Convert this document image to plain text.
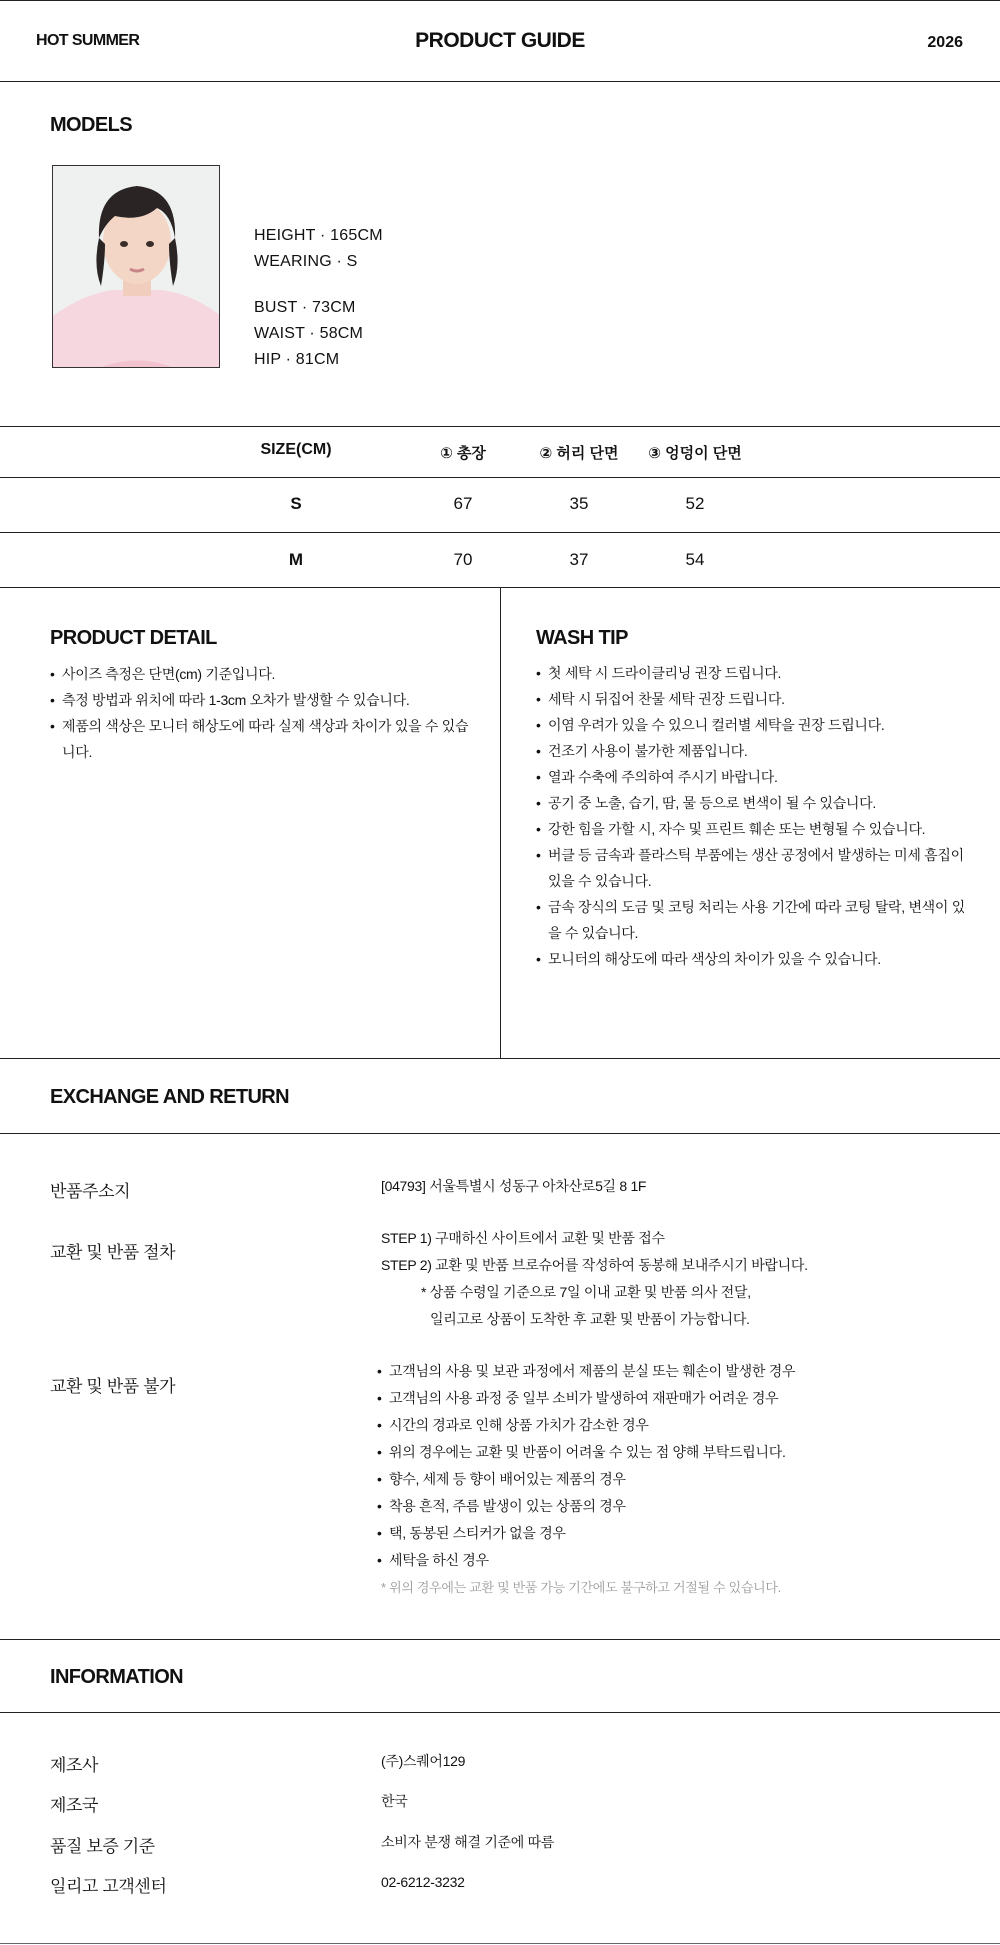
HOT SUMMER	PRODUCT GUIDE	2026
MODELS
HEIGHT · 165CM
WEARING · S
BUST · 73CM
WAIST · 58CM
HIP · 81CM
SIZE(CM)	① 총장	② 허리 단면	③ 엉덩이 단면
S	67	35	52
M	70	37	54
PRODUCT DETAIL
• 사이즈 측정은 단면(cm) 기준입니다.
• 측정 방법과 위치에 따라 1-3cm 오차가 발생할 수 있습니다.
• 제품의 색상은 모니터 해상도에 따라 실제 색상과 차이가 있을 수 있습니다.
WASH TIP
• 첫 세탁 시 드라이클리닝 권장 드립니다.
• 세탁 시 뒤집어 찬물 세탁 권장 드립니다.
• 이염 우려가 있을 수 있으니 컬러별 세탁을 권장 드립니다.
• 건조기 사용이 불가한 제품입니다.
• 열과 수축에 주의하여 주시기 바랍니다.
• 공기 중 노출, 습기, 땀, 물 등으로 변색이 될 수 있습니다.
• 강한 힘을 가할 시, 자수 및 프린트 훼손 또는 변형될 수 있습니다.
• 버클 등 금속과 플라스틱 부품에는 생산 공정에서 발생하는 미세 흠집이 있을 수 있습니다.
• 금속 장식의 도금 및 코팅 처리는 사용 기간에 따라 코팅 탈락, 변색이 있을 수 있습니다.
• 모니터의 해상도에 따라 색상의 차이가 있을 수 있습니다.
EXCHANGE AND RETURN
반품주소지	[04793] 서울특별시 성동구 아차산로5길 8 1F
교환 및 반품 절차
STEP 1) 구매하신 사이트에서 교환 및 반품 접수
STEP 2) 교환 및 반품 브로슈어를 작성하여 동봉해 보내주시기 바랍니다.
* 상품 수령일 기준으로 7일 이내 교환 및 반품 의사 전달,
일리고로 상품이 도착한 후 교환 및 반품이 가능합니다.
교환 및 반품 불가
• 고객님의 사용 및 보관 과정에서 제품의 분실 또는 훼손이 발생한 경우
• 고객님의 사용 과정 중 일부 소비가 발생하여 재판매가 어려운 경우
• 시간의 경과로 인해 상품 가치가 감소한 경우
• 위의 경우에는 교환 및 반품이 어려울 수 있는 점 양해 부탁드립니다.
• 향수, 세제 등 향이 배어있는 제품의 경우
• 착용 흔적, 주름 발생이 있는 상품의 경우
• 택, 동봉된 스티커가 없을 경우
• 세탁을 하신 경우
* 위의 경우에는 교환 및 반품 가능 기간에도 불구하고 거절될 수 있습니다.
INFORMATION
제조사	(주)스퀘어129
제조국	한국
품질 보증 기준	소비자 분쟁 해결 기준에 따름
일리고 고객센터	02-6212-3232
